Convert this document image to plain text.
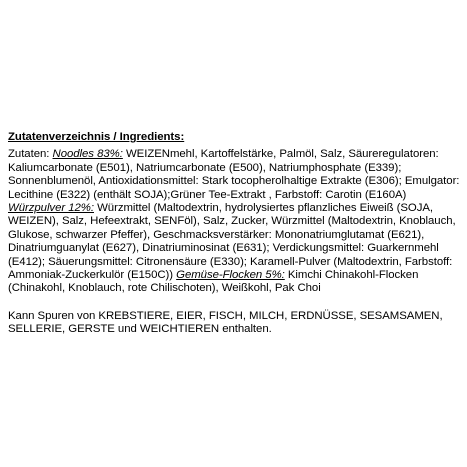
Zutatenverzeichnis / Ingredients:

Zutaten: Noodles 83%: WEIZENmehl, Kartoffelstärke, Palmöl, Salz, Säureregulatoren:
Kaliumcarbonate (E501), Natriumcarbonate (E500), Natriumphosphate (E339);
Sonnenblumenöl, Antioxidationsmittel: Stark tocopherolhaltige Extrakte (E306); Emulgator:
Lecithine (E322) (enthält SOJA);Grüner Tee-Extrakt , Farbstoff: Carotin (E160A)
Würzpulver 12%: Würzmittel (Maltodextrin, hydrolysiertes pflanzliches Eiweiß (SOJA,
WEIZEN), Salz, Hefeextrakt, SENFöl), Salz, Zucker, Würzmittel (Maltodextrin, Knoblauch,
Glukose, schwarzer Pfeffer), Geschmacksverstärker: Mononatriumglutamat (E621),
Dinatriumguanylat (E627), Dinatriuminosinat (E631); Verdickungsmittel: Guarkernmehl
(E412); Säuerungsmittel: Citronensäure (E330); Karamell-Pulver (Maltodextrin, Farbstoff:
Ammoniak-Zuckerkulör (E150C)) Gemüse-Flocken 5%: Kimchi Chinakohl-Flocken
(Chinakohl, Knoblauch, rote Chilischoten), Weißkohl, Pak Choi

Kann Spuren von KREBSTIERE, EIER, FISCH, MILCH, ERDNÜSSE, SESAMSAMEN,
SELLERIE, GERSTE und WEICHTIEREN enthalten.
